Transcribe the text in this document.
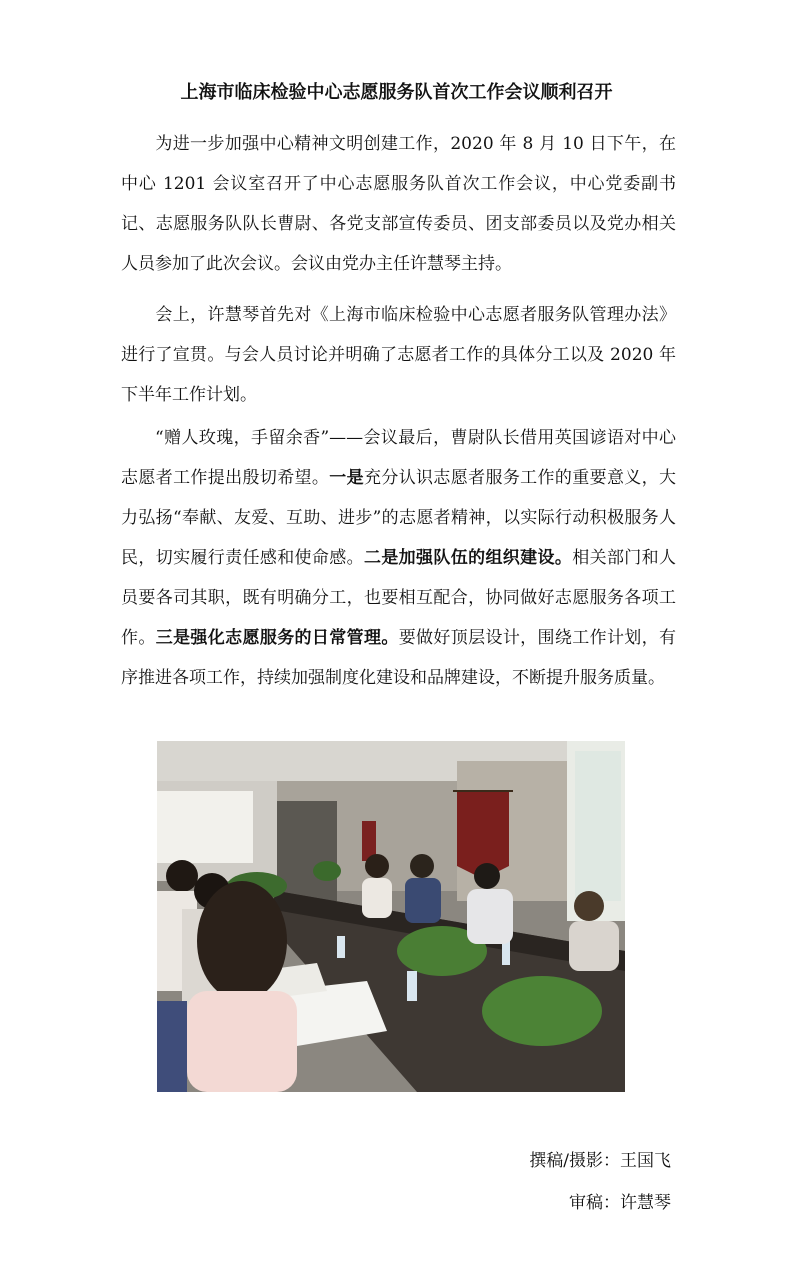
上海市临床检验中心志愿服务队首次工作会议顺利召开

为进一步加强中心精神文明创建工作，2020 年 8 月 10 日下午，在中心 1201 会议室召开了中心志愿服务队首次工作会议，中心党委副书记、志愿服务队队长曹尉、各党支部宣传委员、团支部委员以及党办相关人员参加了此次会议。会议由党办主任许慧琴主持。

会上，许慧琴首先对《上海市临床检验中心志愿者服务队管理办法》进行了宣贯。与会人员讨论并明确了志愿者工作的具体分工以及 2020 年下半年工作计划。

“赠人玫瑰，手留余香”——会议最后，曹尉队长借用英国谚语对中心志愿者工作提出殷切希望。一是充分认识志愿者服务工作的重要意义，大力弘扬“奉献、友爱、互助、进步”的志愿者精神，以实际行动积极服务人民，切实履行责任感和使命感。二是加强队伍的组织建设。相关部门和人员要各司其职，既有明确分工，也要相互配合，协同做好志愿服务各项工作。三是强化志愿服务的日常管理。要做好顶层设计，围绕工作计划，有序推进各项工作，持续加强制度化建设和品牌建设，不断提升服务质量。

撰稿/摄影：王国飞
审稿：许慧琴
